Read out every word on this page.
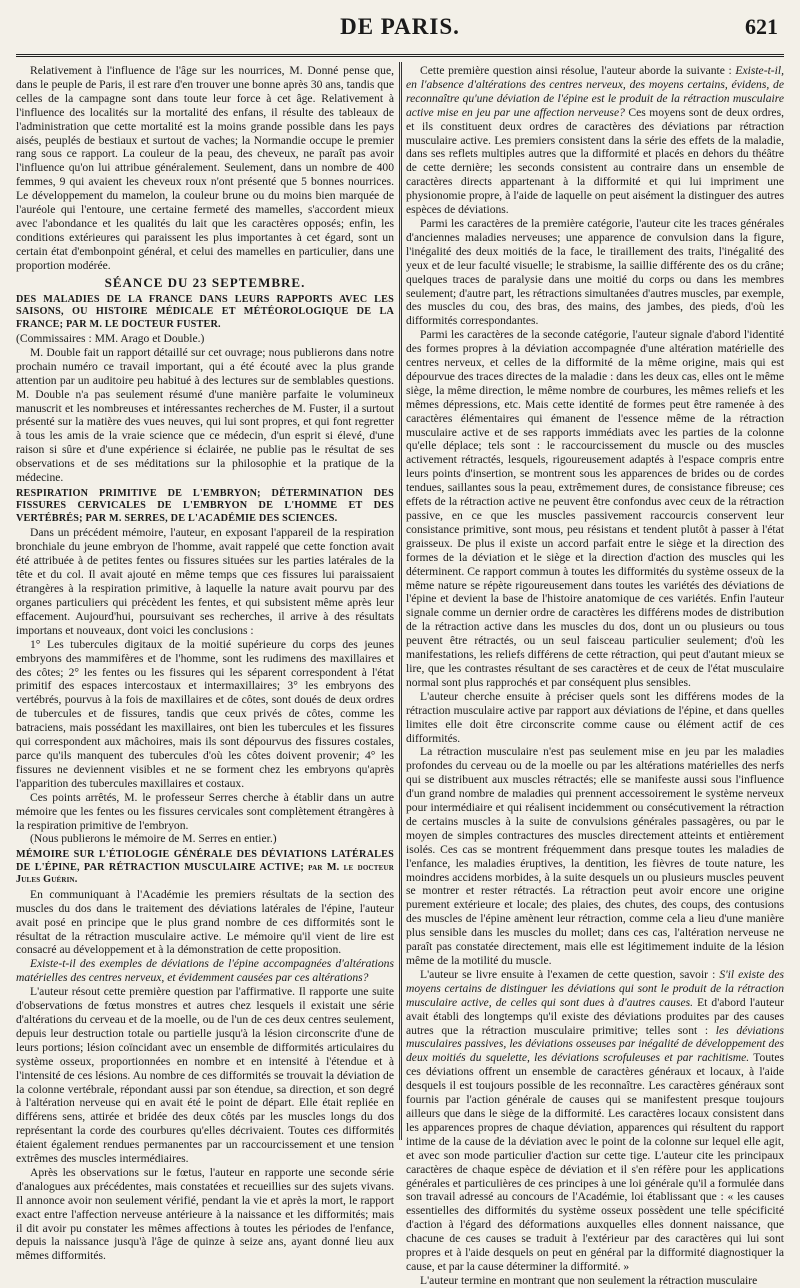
DE PARIS.	621

Relativement à l'influence de l'âge sur les nourrices, M. Donné pense que, dans le peuple de Paris, il est rare d'en trouver une bonne après 30 ans, tandis que celles de la campagne sont dans toute leur force à cet âge. Relativement à l'influence des localités sur la mortalité des enfans, il résulte des tableaux de l'administration que cette mortalité est la moins grande possible dans les pays aisés, peuplés de bestiaux et surtout de vaches; la Normandie occupe le premier rang sous ce rapport. La couleur de la peau, des cheveux, ne paraît pas avoir l'influence qu'on lui attribue généralement. Seulement, dans un nombre de 400 femmes, 9 qui avaient les cheveux roux n'ont présenté que 5 bonnes nourrices. Le développement du mamelon, la couleur brune ou du moins bien marquée de l'auréole qui l'entoure, une certaine fermeté des mamelles, s'accordent mieux avec l'abondance et les qualités du lait que les caractères opposés; enfin, les conditions extérieures qui paraissent les plus importantes à cet égard, sont un certain état d'embonpoint général, et celui des mamelles en particulier, dans une proportion modérée.

SÉANCE DU 23 SEPTEMBRE.

DES MALADIES DE LA FRANCE DANS LEURS RAPPORTS AVEC LES SAISONS, OU HISTOIRE MÉDICALE ET MÉTÉOROLOGIQUE DE LA FRANCE; PAR M. LE DOCTEUR FUSTER.

(Commissaires : MM. Arago et Double.)

M. Double fait un rapport détaillé sur cet ouvrage; nous publierons dans notre prochain numéro ce travail important, qui a été écouté avec la plus grande attention par un auditoire peu habitué à des lectures sur de semblables questions. M. Double n'a pas seulement résumé d'une manière parfaite le volumineux manuscrit et les nombreuses et intéressantes recherches de M. Fuster, il a surtout présenté sur la matière des vues neuves, qui lui sont propres, et qui font regretter à tous les amis de la vraie science que ce médecin, d'un esprit si élevé, d'une raison si sûre et d'une expérience si éclairée, ne publie pas le résultat de ses observations et de ses méditations sur la philosophie et la pratique de la médecine.

RESPIRATION PRIMITIVE DE L'EMBRYON; DÉTERMINATION DES FISSURES CERVICALES DE L'EMBRYON DE L'HOMME ET DES VERTÉBRÉS; PAR M. SERRES, DE L'ACADÉMIE DES SCIENCES.

Dans un précédent mémoire, l'auteur, en exposant l'appareil de la respiration bronchiale du jeune embryon de l'homme, avait rappelé que cette fonction avait été attribuée à de petites fentes ou fissures situées sur les parties latérales de la tête et du col. Il avait ajouté en même temps que ces fissures lui paraissaient étrangères à la respiration primitive, à laquelle la nature avait pourvu par des organes particuliers qui précèdent les fentes, et qui subsistent même après leur effacement. Aujourd'hui, poursuivant ses recherches, il arrive à des résultats importans et nouveaux, dont voici les conclusions :

1° Les tubercules digitaux de la moitié supérieure du corps des jeunes embryons des mammifères et de l'homme, sont les rudimens des maxillaires et des côtes; 2° les fentes ou les fissures qui les séparent correspondent à l'état primitif des espaces intercostaux et intermaxillaires; 3° les embryons des vertébrés, pourvus à la fois de maxillaires et de côtes, sont doués de deux ordres de tubercules et de fissures, tandis que ceux privés de côtes, comme les batraciens, mais possédant les maxillaires, ont bien les tubercules et les fissures qui correspondent aux mâchoires, mais ils sont dépourvus des fissures costales, parce qu'ils manquent des tubercules d'où les côtes doivent provenir; 4° les fissures ne deviennent visibles et ne se forment chez les embryons qu'après l'apparition des tubercules maxillaires et costaux.

Ces points arrêtés, M. le professeur Serres cherche à établir dans un autre mémoire que les fentes ou les fissures cervicales sont complètement étrangères à la respiration primitive de l'embryon.

(Nous publierons le mémoire de M. Serres en entier.)

MÉMOIRE SUR L'ÉTIOLOGIE GÉNÉRALE DES DÉVIATIONS LATÉRALES DE L'ÉPINE, PAR RÉTRACTION MUSCULAIRE ACTIVE; par M. le docteur Jules Guérin.

En communiquant à l'Académie les premiers résultats de la section des muscles du dos dans le traitement des déviations latérales de l'épine, l'auteur avait posé en principe que le plus grand nombre de ces difformités sont le résultat de la rétraction musculaire active. Le mémoire qu'il vient de lire est consacré au développement et à la démonstration de cette proposition.

Existe-t-il des exemples de déviations de l'épine accompagnées d'altérations matérielles des centres nerveux, et évidemment causées par ces altérations?

L'auteur résout cette première question par l'affirmative. Il rapporte une suite d'observations de fœtus monstres et autres chez lesquels il existait une série d'altérations du cerveau et de la moelle, ou de l'un de ces deux centres seulement, depuis leur destruction totale ou partielle jusqu'à la lésion circonscrite d'une de leurs portions; lésion coïncidant avec un ensemble de difformités articulaires du système osseux, proportionnées en nombre et en intensité à l'étendue et à l'intensité de ces lésions. Au nombre de ces difformités se trouvait la déviation de la colonne vertébrale, répondant aussi par son étendue, sa direction, et son degré à l'altération nerveuse qui en avait été le point de départ. Elle était repliée en différens sens, attirée et bridée des deux côtés par les muscles longs du dos représentant la corde des courbures qu'elles décrivaient. Toutes ces difformités étaient également rendues permanentes par un raccourcissement et une tension extrêmes des muscles intermédiaires.

Après les observations sur le fœtus, l'auteur en rapporte une seconde série d'analogues aux précédentes, mais constatées et recueillies sur des sujets vivans. Il annonce avoir non seulement vérifié, pendant la vie et après la mort, le rapport exact entre l'affection nerveuse antérieure à la naissance et les difformités; mais il dit avoir pu constater les mêmes affections à toutes les périodes de l'enfance, depuis la naissance jusqu'à l'âge de quinze à seize ans, ayant donné lieu aux mêmes difformités.

Cette première question ainsi résolue, l'auteur aborde la suivante : Existe-t-il, en l'absence d'altérations des centres nerveux, des moyens certains, évidens, de reconnaître qu'une déviation de l'épine est le produit de la rétraction musculaire active mise en jeu par une affection nerveuse? Ces moyens sont de deux ordres, et ils constituent deux ordres de caractères des déviations par rétraction musculaire active. Les premiers consistent dans la série des effets de la maladie, dans ses reflets multiples autres que la difformité et placés en dehors du théâtre de cette dernière; les seconds consistent au contraire dans un ensemble de caractères directs appartenant à la difformité et qui lui impriment une physionomie propre, à l'aide de laquelle on peut aisément la distinguer des autres espèces de déviations.

Parmi les caractères de la première catégorie, l'auteur cite les traces générales d'anciennes maladies nerveuses; une apparence de convulsion dans la figure, l'inégalité des deux moitiés de la face, le tiraillement des traits, l'inégalité des yeux et de leur faculté visuelle; le strabisme, la saillie différente des os du crâne; quelques traces de paralysie dans une moitié du corps ou dans les membres seulement; d'autre part, les rétractions simultanées d'autres muscles, par exemple, des muscles du cou, des bras, des mains, des jambes, des pieds, d'où les difformités correspondantes.

Parmi les caractères de la seconde catégorie, l'auteur signale d'abord l'identité des formes propres à la déviation accompagnée d'une altération matérielle des centres nerveux, et celles de la difformité de la même origine, mais qui est dépourvue des traces directes de la maladie : dans les deux cas, elles ont le même siège, la même direction, le même nombre de courbures, les mêmes reliefs et les mêmes dépressions, etc. Mais cette identité de formes peut être ramenée à des caractères élémentaires qui émanent de l'essence même de la rétraction musculaire active et de ses rapports immédiats avec les parties de la colonne qu'elle déplace; tels sont : le raccourcissement du muscle ou des muscles activement rétractés, lesquels, rigoureusement adaptés à l'espace compris entre leurs points d'insertion, se montrent sous les apparences de brides ou de cordes tendues, saillantes sous la peau, extrêmement dures, de consistance fibreuse; ces effets de la rétraction active ne peuvent être confondus avec ceux de la rétraction passive, en ce que les muscles passivement raccourcis conservent leur consistance primitive, sont mous, peu résistans et tendent plutôt à passer à l'état graisseux. De plus il existe un accord parfait entre le siège et la direction des formes de la déviation et le siège et la direction d'action des muscles qui les déterminent. Ce rapport commun à toutes les difformités du système osseux de la même nature se répète rigoureusement dans toutes les variétés des déviations de l'épine et devient la base de l'histoire anatomique de ces variétés. Enfin l'auteur signale comme un dernier ordre de caractères les différens modes de distribution de la rétraction active dans les muscles du dos, dont un ou plusieurs ou tous peuvent être rétractés, ou un seul faisceau particulier seulement; d'où les manifestations, les reliefs différens de cette rétraction, qui peut d'autant mieux se lire, que les contrastes résultant de ses caractères et de ceux de l'état musculaire normal sont plus rapprochés et par conséquent plus sensibles.

L'auteur cherche ensuite à préciser quels sont les différens modes de la rétraction musculaire active par rapport aux déviations de l'épine, et dans quelles limites elle doit être circonscrite comme cause ou élément actif de ces difformités.

La rétraction musculaire n'est pas seulement mise en jeu par les maladies profondes du cerveau ou de la moelle ou par les altérations matérielles des nerfs qui se distribuent aux muscles rétractés; elle se manifeste aussi sous l'influence d'un grand nombre de maladies qui prennent accessoirement le système nerveux pour intermédiaire et qui réalisent incidemment ou consécutivement la rétraction de certains muscles à la suite de convulsions générales passagères, ou par le moyen de simples contractures des muscles directement atteints et entièrement isolés. Ces cas se montrent fréquemment dans presque toutes les maladies de l'enfance, les maladies éruptives, la dentition, les fièvres de toute nature, les moindres accidens morbides, à la suite desquels un ou plusieurs muscles peuvent se montrer et rester rétractés. La rétraction peut avoir encore une origine purement extérieure et locale; des plaies, des chutes, des coups, des contusions des muscles de l'épine amènent leur rétraction, comme cela a lieu d'une manière plus sensible dans les muscles du mollet; dans ces cas, l'altération nerveuse ne paraît pas constatée directement, mais elle est légitimement induite de la lésion même de la motilité du muscle.

L'auteur se livre ensuite à l'examen de cette question, savoir : S'il existe des moyens certains de distinguer les déviations qui sont le produit de la rétraction musculaire active, de celles qui sont dues à d'autres causes. Et d'abord l'auteur avait établi des longtemps qu'il existe des déviations produites par des causes autres que la rétraction musculaire primitive; telles sont : les déviations musculaires passives, les déviations osseuses par inégalité de développement des deux moitiés du squelette, les déviations scrofuleuses et par rachitisme. Toutes ces déviations offrent un ensemble de caractères généraux et locaux, à l'aide desquels il est toujours possible de les reconnaître. Les caractères généraux sont fournis par l'action générale de causes qui se manifestent presque toujours ailleurs que dans le siège de la difformité. Les caractères locaux consistent dans les apparences propres de chaque déviation, apparences qui résultent du rapport intime de la cause de la déviation avec le point de la colonne sur lequel elle agit, et avec son mode particulier d'action sur cette tige. L'auteur cite les principaux caractères de chaque espèce de déviation et il s'en réfère pour les applications générales et particulières de ces principes à une loi générale qu'il a formulée dans son travail adressé au concours de l'Académie, loi établissant que : « les causes essentielles des difformités du système osseux possèdent une telle spécificité d'action à l'égard des déformations auxquelles elles donnent naissance, que chacune de ces causes se traduit à l'extérieur par des caractères qui lui sont propres et à l'aide desquels on peut en général par la difformité diagnostiquer la cause, et par la cause déterminer la difformité. »

L'auteur termine en montrant que non seulement la rétraction musculaire
